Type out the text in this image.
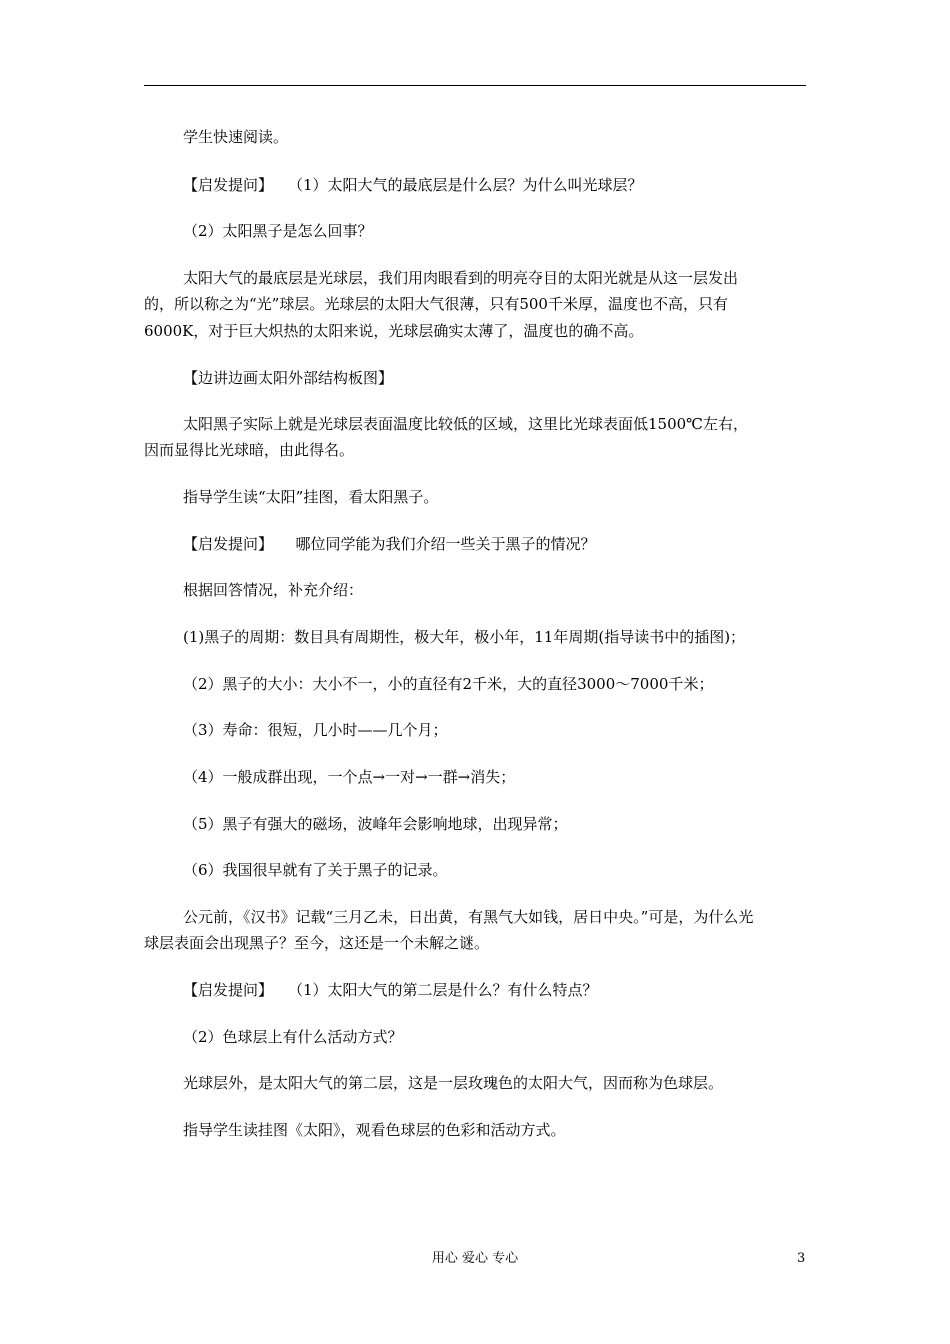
学生快速阅读。
【启发提问】　　（1）太阳大气的最底层是什么层？为什么叫光球层？
（2）太阳黑子是怎么回事？
太阳大气的最底层是光球层，我们用肉眼看到的明亮夺目的太阳光就是从这一层发出
的，所以称之为“光”球层。光球层的太阳大气很薄，只有500千米厚，温度也不高，只有
6000K，对于巨大炽热的太阳来说，光球层确实太薄了，温度也的确不高。
【边讲边画太阳外部结构板图】
太阳黑子实际上就是光球层表面温度比较低的区域，这里比光球表面低1500℃左右，
因而显得比光球暗，由此得名。
指导学生读“太阳”挂图，看太阳黑子。
【启发提问】　　哪位同学能为我们介绍一些关于黑子的情况？
根据回答情况，补充介绍：
(1)黑子的周期：数目具有周期性，极大年，极小年，11年周期(指导读书中的插图)；
（2）黑子的大小：大小不一，小的直径有2千米，大的直径3000～7000千米；
（3）寿命：很短，几小时——几个月；
（4）一般成群出现，一个点→一对→一群→消失；
（5）黑子有强大的磁场，波峰年会影响地球，出现异常；
（6）我国很早就有了关于黑子的记录。
公元前，《汉书》记载“三月乙未，日出黄，有黑气大如钱，居日中央。”可是，为什么光
球层表面会出现黑子？至今，这还是一个未解之谜。
【启发提问】　　（1）太阳大气的第二层是什么？有什么特点？
（2）色球层上有什么活动方式？
光球层外，是太阳大气的第二层，这是一层玫瑰色的太阳大气，因而称为色球层。
指导学生读挂图《太阳》，观看色球层的色彩和活动方式。
用心 爱心 专心	3
